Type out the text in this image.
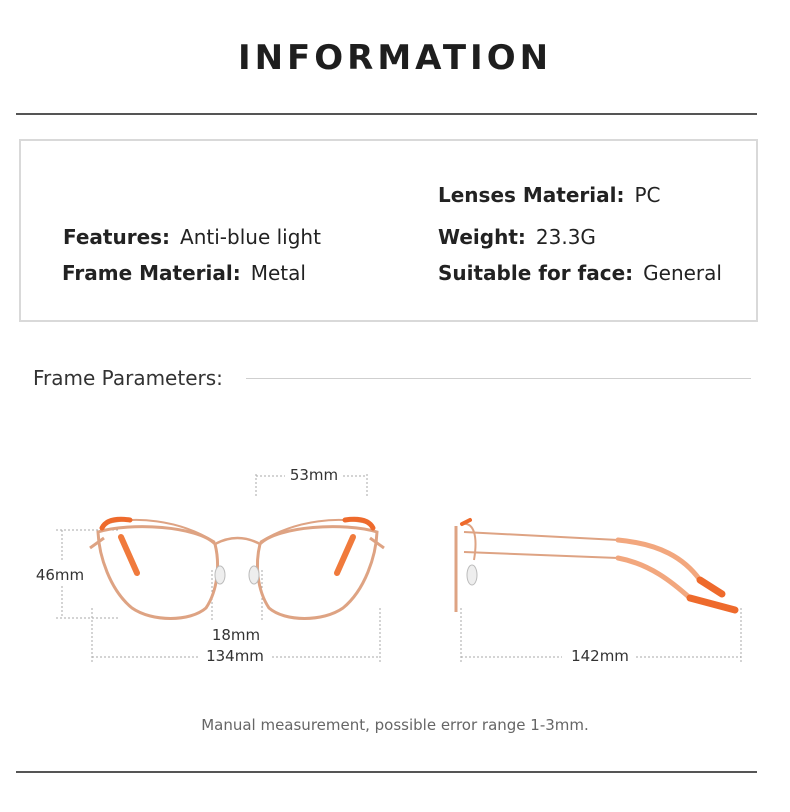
INFORMATION
Features: Anti-blue light
Frame Material: Metal
Lenses Material: PC
Weight: 23.3G
Suitable for face: General
Frame Parameters:
53mm
46mm
18mm
134mm	142mm
Manual measurement, possible error range 1-3mm.
